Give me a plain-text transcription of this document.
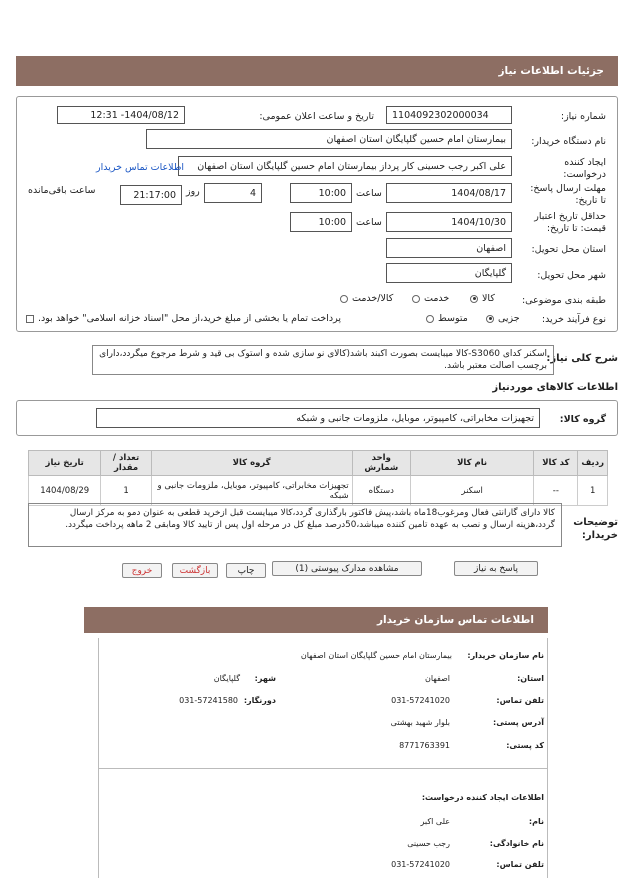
جزئیات اطلاعات نیاز
شماره نیاز:
1104092302000034
تاریخ و ساعت اعلان عمومی:
1404/08/12- 12:31
نام دستگاه خریدار:
بیمارستان امام حسین گلپایگان استان اصفهان
ایجاد کننده درخواست:
علی اکبر رجب حسینی کار پرداز بیمارستان امام حسین گلپایگان استان اصفهان
اطلاعات تماس خریدار
مهلت ارسال پاسخ: تا تاریخ:
1404/08/17
ساعت
10:00
4
روز
21:17:00
ساعت باقی‌مانده
حداقل تاریخ اعتبار قیمت: تا تاریخ:
1404/10/30
ساعت
10:00
استان محل تحویل:
اصفهان
شهر محل تحویل:
گلپایگان
طبقه بندی موضوعی:
کالا
خدمت
کالا/خدمت
نوع فرآیند خرید:
جزیی
متوسط
پرداخت تمام یا بخشی از مبلغ خرید،از محل "اسناد خزانه اسلامی" خواهد بود.
شرح کلی نیاز:
اسکنر کدای S3060-کالا میبایست بصورت اکبند باشد(کالای نو سازی شده و استوک بی قید و شرط مرجوع میگردد،دارای برچسب اصالت معتبر باشد.
اطلاعات کالاهای موردنیاز
گروه کالا:
تجهیزات مخابراتی، کامپیوتر، موبایل، ملزومات جانبی و شبکه
ردیف	کد کالا	نام کالا	واحد شمارش	گروه کالا	تعداد / مقدار	تاریخ نیاز
1	--	اسکنر	دستگاه	تجهیزات مخابراتی، کامپیوتر، موبایل، ملزومات جانبی و شبکه	1	1404/08/29
توضیحات خریدار:
کالا دارای گارانتی فعال ومرغوب18ماه باشد،پیش فاکتور بارگذاری گردد،کالا میبایست قبل ازخرید قطعی به عنوان دمو به مرکز ارسال گردد،هزینه ارسال و نصب به عهده تامین کننده میباشد،50درصد مبلغ کل در مرحله اول پس از تایید کالا ومابقی 2 ماهه پرداخت میگردد.
پاسخ به نیاز
مشاهده مدارک پیوستی (1)
چاپ
بازگشت
خروج
اطلاعات تماس سازمان خریدار
نام سازمان خریدار:
بیمارستان امام حسین گلپایگان استان اصفهان
استان:
اصفهان
شهر:
گلپایگان
تلفن تماس:
031-57241020
دورنگار:
031-57241580
آدرس پستی:
بلوار شهید بهشتی
کد پستی:
8771763391
اطلاعات ایجاد کننده درخواست:
نام:
علی اکبر
نام خانوادگی:
رجب حسینی
تلفن تماس:
031-57241020
